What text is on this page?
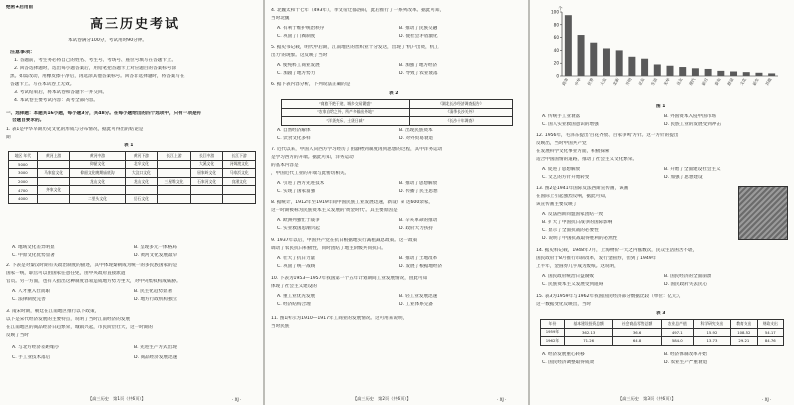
绝密★启用前
高三历史考试
本试卷满分100分，考试用时90分钟。
注意事项：
1. 答题前，考生务必将自己的姓名、考生号、考场号、座位号填写在答题卡上。
2. 回答选择题时，选出每小题答案后，用铅笔把答题卡上对应题目的答案标号涂
黑。如需改动，用橡皮擦干净后，再选涂其他答案标号。回答非选择题时，将答案写在
答题卡上。写在本试卷上无效。
3. 考试结束后，将本试卷和答题卡一并交回。
4. 本试卷主要考试内容：高考全部内容。
一、选择题：本题共16小题，每小题3分，共48分。在每小题给出的四个选项中，只有一项是符
合题目要求的。
1. 表1是中华早期历史文化的形成与分布情况，据此可得出的结论是
期
表 1
地区 年代	黄河上游	黄河中游	黄河下游	长江上游	长江中游	长江下游
5000		仰韶文化	北辛文化		大溪文化	河姆渡文化
3000	马家窑文化	仰韶文化晚期庙底沟	大汶口文化		屈家岭文化	马家浜文化
2000		龙山文化	龙山文化	三星堆文化	石家河文化	良渚文化
4700	齐家文化					
4000		二里头文化	岳石文化			
A. 地域文化差异明显	B. 呈现多元一体格局
C. 中原文化优势显著	D. 黄河文化发展最早
2. 下表是对秦汉时期有关政治制度的描述，其中体现秦朝成为统一的多民族国家的是
国家一统，职官可以由国家任意任免，由中央政府直接派遣
官员。另一方面，也有人指出这种制度容易造成地方势力坐大，对中央集权构成威胁。
A. 人才重入仕而职	B. 民主化趋势显著
C. 法律制度完善	D. 地方行政机构独立
3. 南宋时期，朝廷在江南地区推行以下政策，
以下是宋代经济发展的主要特点，说明了当时江南经济的发展
在江南地区的商品经济日趋繁荣，城镇兴起，市民阶层壮大，这一时期的
反映了当时
A. 与北方经济差距缩小	B. 先进生产方式出现
C. 手工业技术落后	D. 商品经济发展迅速
【高三历史　第1页（共6页）】	· XJ ·
4. 北魏太和十七年（493年），孝文帝迁都洛阳，此后推行了一系列改革。据此可知，
当时北魏
A. 有利于维护统治秩序	B. 推动了民族交融
C. 巩固了门阀制度	D. 使社会矛盾激化
5. 据史书记载，明代中后期，江南地区的丝织业十分发达，出现了'机户出资，机工
出力'的现象。这反映了当时
A. 使纯粹工商业发展	B. 加强了地方经济
C. 加剧了地方势力	D. 导致了农业衰落
6. 据下表内容分析，下列说法正确的是
表 2
“商旅不绝于途，城乡交易繁盛”	《湖北长沙经济调查报告》
“农家自给之外，所产多输出外地”	《清季长沙关外》
“洋货充斥，土货日减”	《长沙十年调查》
A. 自然经济解体	B. 出现民族资本
C. 饮食文化多样	D. 对外贸易衰退
7. 近代以来，中国人向西方学习经历了由器物到制度再到思想的过程，其中洋务运动
是学习西方的开端。据此可知，洋务运动
的基本内容是
，中国近代工业的开端与此密切相关。
A. 引进了西方先进技术	B. 推动了思想解放
C. 实现了国家富强	D. 传播了民主思想
8. 据统计，1912年至1919年间中国民族工业发展迅速，新设厂矿达600余家，
这一时期被称为民族资本主义发展的'黄金时代'。其主要原因是
A. 欧洲列强忙于战争	B. 辛亥革命的推动
C. 实业救国思潮兴起	D. 政府大力扶持
9. 1937年以后，中国共产党在抗日根据地实行减租减息政策。这一政策
调动了农民抗日积极性，同时团结了地主阶级共同抗日。
A. 壮大了抗日力量	B. 推动了土地改革
C. 巩固了统一战线	D. 发展了根据地经济
10. 下表为1953—1957年我国第一个五年计划期间工业发展情况，由此可知
体现了社会主义建设的
A. 重工业优先发展	B. 轻工业发展迅速
C. 经济结构合理	D. 工业体系完备
11. 图1所示为1910—1917年工商业的发展情况。这可用来说明，
当时民族
【高三历史　第2页（共6页）】	· XJ ·
个
0
20
40
60
80
100
商务 中华 世界 大东 北新 开明 亚东 生活 光华 良友 现代 新月 泰东 群益 文化 新生 其他
图 1
A. 传统手工业衰落	B. 外国资本入侵中国市场
C. 国人实业救国意识的增强	D. 民族工业的发展受到冲击
12. 1956年，毛泽东提出'百花齐放、百家争鸣'方针。这一方针的提出
反映出，当时中国共产党
在发展科学文化事业方面，积极探索
适合中国国情的道路，推动了社会主义文化繁荣。
A. 促进了思想解放	B. 开始了全面建设社会主义
C. 文艺的方针开始转变	D. 加强了思想建设
13. 图2是1941年国际反法西斯宣传画，该画
在国际上引起强烈反响，据此可知，
该宣传画主要反映了
A. 反法西斯同盟国家团结一致
B. 扩大了中国抗日战争的国际影响
C. 显示了全面抗战的必要性
D. 说明了中国抗战取得胜利的必然性
14. 据史料记载，1948年7月，上海物价一天之内涨数次，民众生活困苦不堪，
国民政府于8月推行币制改革，发行金圆券，但到了1949年
上半年，金圆券几乎成为废纸。这说明，
A. 国民政府统治日益腐败	B. 国民经济的全面崩溃
C. 民族资本主义发展受到阻碍	D. 国民政府失去民心
15. 表3为1959年与1962年我国国民经济部分数据比较（单位：亿元），
这一数据变化反映出，当时
表 3
年份	基本建设投资总额	社会商品零售总额	农业总产值	科学研究支出	教育支出	财政支出
1959年	362.13	36.6	497.1	15.92	108.52	54.17
1962年	71.26	64.8	584.0	13.73	29.21	84.76
A. 经济发展重心转移	B. 经济体制改革开始
C. 国民经济调整取得成效	D. 农业生产严重衰退
【高三历史　第3页（共6页）】	· XJ ·
